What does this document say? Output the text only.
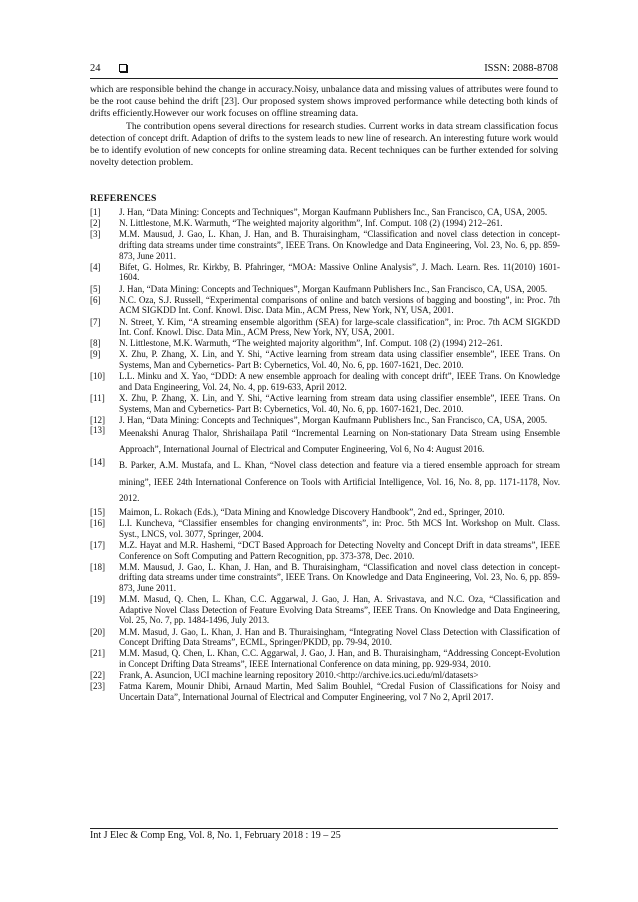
24	ISSN: 2088-8708

which are responsible behind the change in accuracy.Noisy, unbalance data and missing values of attributes were found to be the root cause behind the drift [23]. Our proposed system shows improved performance while detecting both kinds of drifts efficiently.However our work focuses on offline streaming data.

The contribution opens several directions for research studies. Current works in data stream classification focus detection of concept drift. Adaption of drifts to the system leads to new line of research. An interesting future work would be to identify evolution of new concepts for online streaming data. Recent techniques can be further extended for solving novelty detection problem.

REFERENCES
[1]	J. Han, “Data Mining: Concepts and Techniques”, Morgan Kaufmann Publishers Inc., San Francisco, CA, USA, 2005.
[2]	N. Littlestone, M.K. Warmuth, “The weighted majority algorithm”, Inf. Comput. 108 (2) (1994) 212–261.
[3]	M.M. Mausud, J. Gao, L. Khan, J. Han, and B. Thuraisingham, “Classification and novel class detection in concept-drifting data streams under time constraints”, IEEE Trans. On Knowledge and Data Engineering, Vol. 23, No. 6, pp. 859-873, June 2011.
[4]	Bifet, G. Holmes, Rr. Kirkby, B. Pfahringer, “MOA: Massive Online Analysis”, J. Mach. Learn. Res. 11(2010) 1601-1604.
[5]	J. Han, “Data Mining: Concepts and Techniques”, Morgan Kaufmann Publishers Inc., San Francisco, CA, USA, 2005.
[6]	N.C. Oza, S.J. Russell, “Experimental comparisons of online and batch versions of bagging and boosting”, in: Proc. 7th ACM SIGKDD Int. Conf. Knowl. Disc. Data Min., ACM Press, New York, NY, USA, 2001.
[7]	N. Street, Y. Kim, “A streaming ensemble algorithm (SEA) for large-scale classification”, in: Proc. 7th ACM SIGKDD Int. Conf. Knowl. Disc. Data Min., ACM Press, New York, NY, USA, 2001.
[8]	N. Littlestone, M.K. Warmuth, “The weighted majority algorithm”, Inf. Comput. 108 (2) (1994) 212–261.
[9]	X. Zhu, P. Zhang, X. Lin, and Y. Shi, “Active learning from stream data using classifier ensemble”, IEEE Trans. On Systems, Man and Cybernetics- Part B: Cybernetics, Vol. 40, No. 6, pp. 1607-1621, Dec. 2010.
[10]	L.L. Minku and X. Yao, “DDD: A new ensemble approach for dealing with concept drift”, IEEE Trans. On Knowledge and Data Engineering, Vol. 24, No. 4, pp. 619-633, April 2012.
[11]	X. Zhu, P. Zhang, X. Lin, and Y. Shi, “Active learning from stream data using classifier ensemble”, IEEE Trans. On Systems, Man and Cybernetics- Part B: Cybernetics, Vol. 40, No. 6, pp. 1607-1621, Dec. 2010.
[12]	J. Han, “Data Mining: Concepts and Techniques”, Morgan Kaufmann Publishers Inc., San Francisco, CA, USA, 2005.
[13]	Meenakshi Anurag Thalor, Shrishailapa Patil “Incremental Learning on Non-stationary Data Stream using Ensemble Approach”, International Journal of Electrical and Computer Engineering, Vol 6, No 4: August 2016.
[14]	B. Parker, A.M. Mustafa, and L. Khan, “Novel class detection and feature via a tiered ensemble approach for stream mining”, IEEE 24th International Conference on Tools with Artificial Intelligence, Vol. 16, No. 8, pp. 1171-1178, Nov. 2012.
[15]	Maimon, L. Rokach (Eds.), “Data Mining and Knowledge Discovery Handbook”, 2nd ed., Springer, 2010.
[16]	L.I. Kuncheva, “Classifier ensembles for changing environments”, in: Proc. 5th MCS Int. Workshop on Mult. Class. Syst., LNCS, vol. 3077, Springer, 2004.
[17]	M.Z. Hayat and M.R. Hashemi, “DCT Based Approach for Detecting Novelty and Concept Drift in data streams”, IEEE Conference on Soft Computing and Pattern Recognition, pp. 373-378, Dec. 2010.
[18]	M.M. Mausud, J. Gao, L. Khan, J. Han, and B. Thuraisingham, “Classification and novel class detection in concept-drifting data streams under time constraints”, IEEE Trans. On Knowledge and Data Engineering, Vol. 23, No. 6, pp. 859-873, June 2011.
[19]	M.M. Masud, Q. Chen, L. Khan, C.C. Aggarwal, J. Gao, J. Han, A. Srivastava, and N.C. Oza, “Classification and Adaptive Novel Class Detection of Feature Evolving Data Streams”, IEEE Trans. On Knowledge and Data Engineering, Vol. 25, No. 7, pp. 1484-1496, July 2013.
[20]	M.M. Masud, J. Gao, L. Khan, J. Han and B. Thuraisingham, “Integrating Novel Class Detection with Classification of Concept Drifting Data Streams”, ECML, Springer/PKDD, pp. 79-94, 2010.
[21]	M.M. Masud, Q. Chen, L. Khan, C.C. Aggarwal, J. Gao, J. Han, and B. Thuraisingham, “Addressing Concept-Evolution in Concept Drifting Data Streams”, IEEE International Conference on data mining, pp. 929-934, 2010.
[22]	Frank, A. Asuncion, UCI machine learning repository 2010.<http://archive.ics.uci.edu/ml/datasets>
[23]	Fatma Karem, Mounir Dhibi, Arnaud Martin, Med Salim Bouhlel, “Credal Fusion of Classifications for Noisy and Uncertain Data”, International Journal of Electrical and Computer Engineering, vol 7 No 2, April 2017.
Int J Elec & Comp Eng, Vol. 8, No. 1, February 2018 : 19 – 25
